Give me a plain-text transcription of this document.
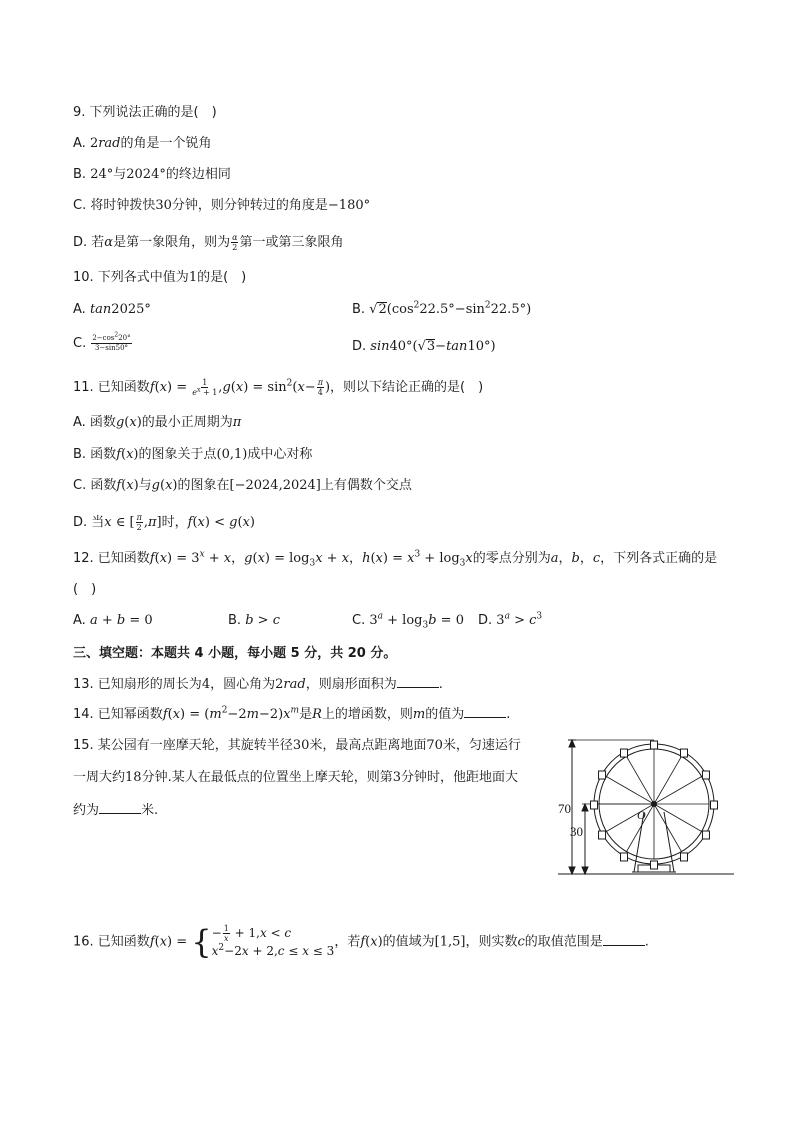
9. 下列说法正确的是(　)
A. 2rad的角是一个锐角
B. 24°与2024°的终边相同
C. 将时钟拨快30分钟，则分钟转过的角度是−180°
D. 若α是第一象限角，则为 $\frac{\alpha}{2}$ 第一或第三象限角
10. 下列各式中值为1的是(　)
A. tan2025°	B. $√2(\cos^222.5^\circ-\sin^222.5^\circ)$
C. $\frac{2-\cos^220^\circ}{3-\sin 50^\circ}$	D. sin40°(√3−tan10°)
11. 已知函数$f(x) = \frac{1}{e^x + 1} ,g(x) = \sin^2(x- \frac{\pi}{4}$ )，则以下结论正确的是(　)
A. 函数g(x)的最小正周期为π
B. 函数f(x)的图象关于点(0,1)成中心对称
C. 函数f(x)与g(x)的图象在[−2024,2024]上有偶数个交点
D. 当x ∈ [ $\frac{\pi}{2} ,\pi$]时，f(x) < g(x)
12. 已知函数$f(x) = 3^x + x$，$g(x) = \log_3x + x$，$h(x) = x^3 + \log_3x$的零点分别为a，b，c，下列各式正确的是
(　)
A. a + b = 0	B. b > c	C. $3^a + \log_3b = 0$ D. $3^a > c^3$
三、填空题：本题共 4 小题，每小题 5 分，共 20 分。
13. 已知扇形的周长为4，圆心角为2rad，则扇形面积为	.
14. 已知幂函数$f(x) = (m^2-2m-2)x^m$是R上的增函数，则m的值为	.
15. 某公园有一座摩天轮，其旋转半径30米，最高点距离地面70米，匀速运行
一周大约18分钟.某人在最低点的位置坐上摩天轮，则第3分钟时，他距地面大
约为	米.	70
30
O
16. 已知函数f(x) = { − $\frac{1}{x} + 1,x < c$
$x^2-2x + 2,c \le x \le 3$
，若f(x)的值域为[1,5]，则实数c的取值范围是	.
